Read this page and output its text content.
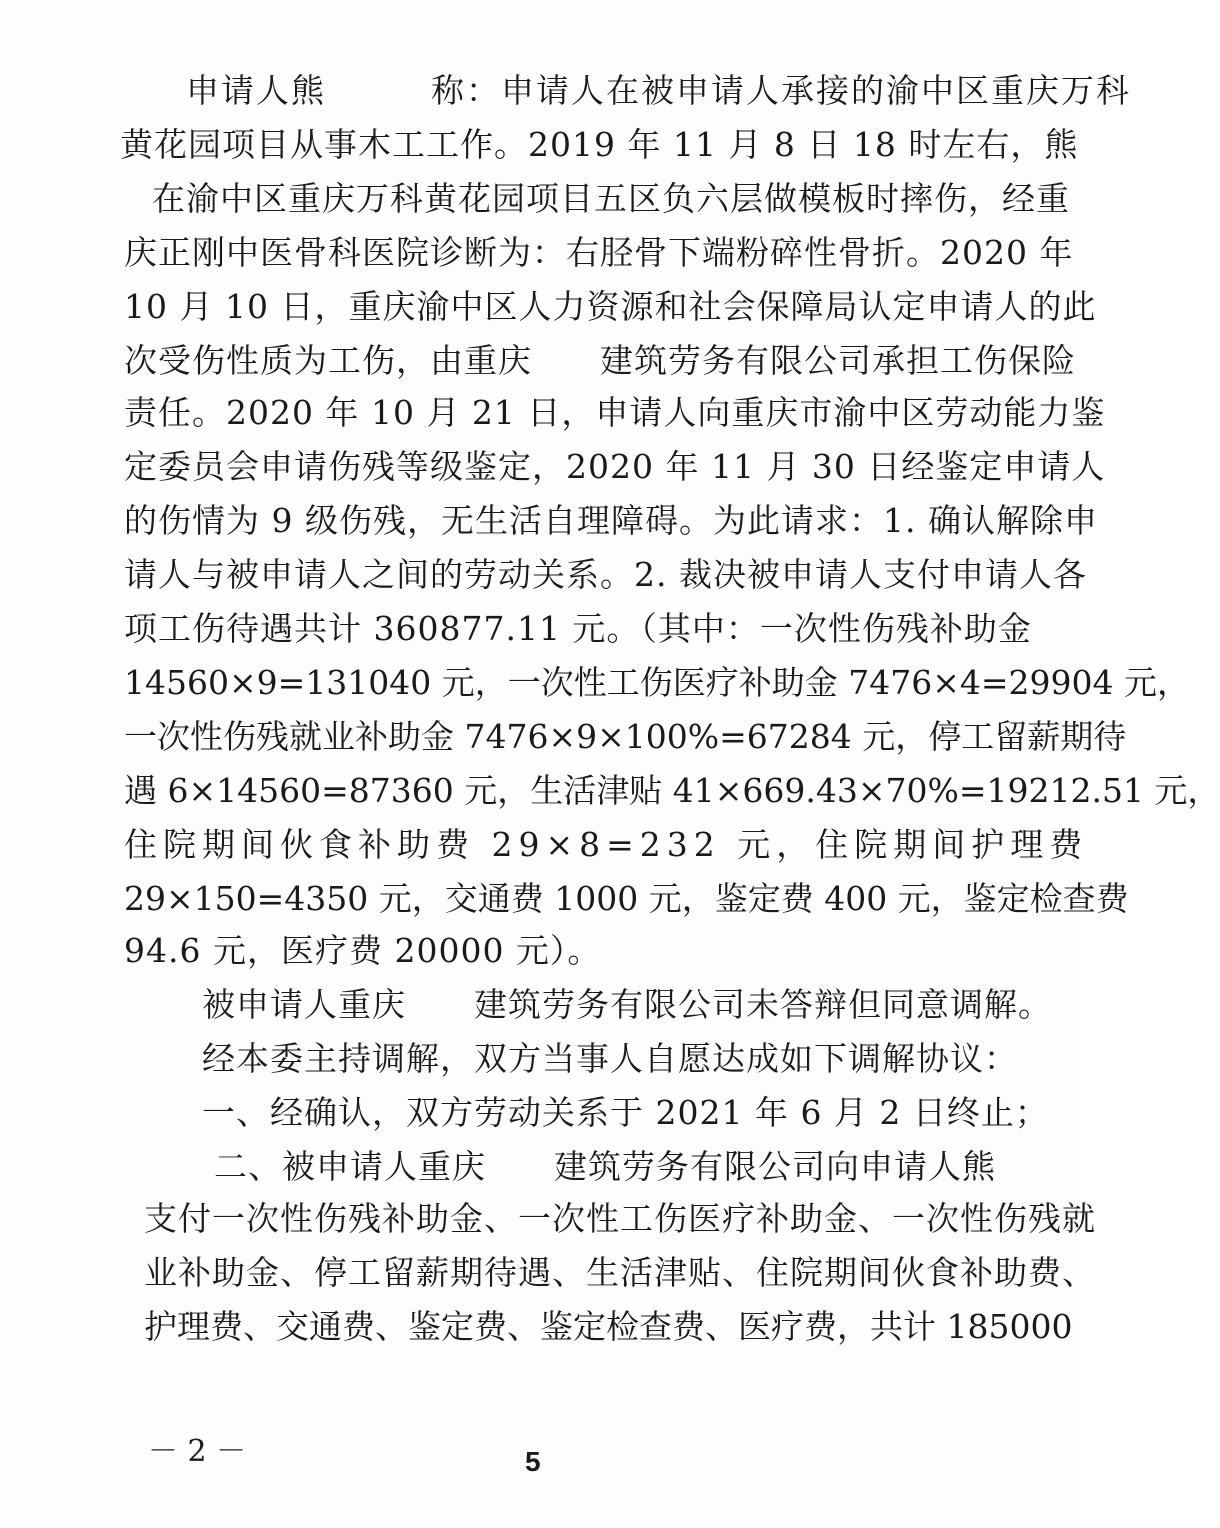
申请人熊　　　称：申请人在被申请人承接的渝中区重庆万科
黄花园项目从事木工工作。2019 年 11 月 8 日 18 时左右，熊
在渝中区重庆万科黄花园项目五区负六层做模板时摔伤，经重
庆正刚中医骨科医院诊断为：右胫骨下端粉碎性骨折。2020 年
10 月 10 日，重庆渝中区人力资源和社会保障局认定申请人的此
次受伤性质为工伤，由重庆　　建筑劳务有限公司承担工伤保险
责任。2020 年 10 月 21 日，申请人向重庆市渝中区劳动能力鉴
定委员会申请伤残等级鉴定，2020 年 11 月 30 日经鉴定申请人
的伤情为 9 级伤残，无生活自理障碍。为此请求：1. 确认解除申
请人与被申请人之间的劳动关系。2. 裁决被申请人支付申请人各
项工伤待遇共计 360877.11 元。（其中：一次性伤残补助金
14560×9=131040 元，一次性工伤医疗补助金 7476×4=29904 元，
一次性伤残就业补助金 7476×9×100%=67284 元，停工留薪期待
遇 6×14560=87360 元，生活津贴 41×669.43×70%=19212.51 元，
住院期间伙食补助费 29×8=232 元，住院期间护理费
29×150=4350 元，交通费 1000 元，鉴定费 400 元，鉴定检查费
94.6 元，医疗费 20000 元）。
被申请人重庆　　建筑劳务有限公司未答辩但同意调解。
经本委主持调解，双方当事人自愿达成如下调解协议：
一、经确认，双方劳动关系于 2021 年 6 月 2 日终止；
二、被申请人重庆　　建筑劳务有限公司向申请人熊
支付一次性伤残补助金、一次性工伤医疗补助金、一次性伤残就
业补助金、停工留薪期待遇、生活津贴、住院期间伙食补助费、
护理费、交通费、鉴定费、鉴定检查费、医疗费，共计 185000
－ 2 －	5
